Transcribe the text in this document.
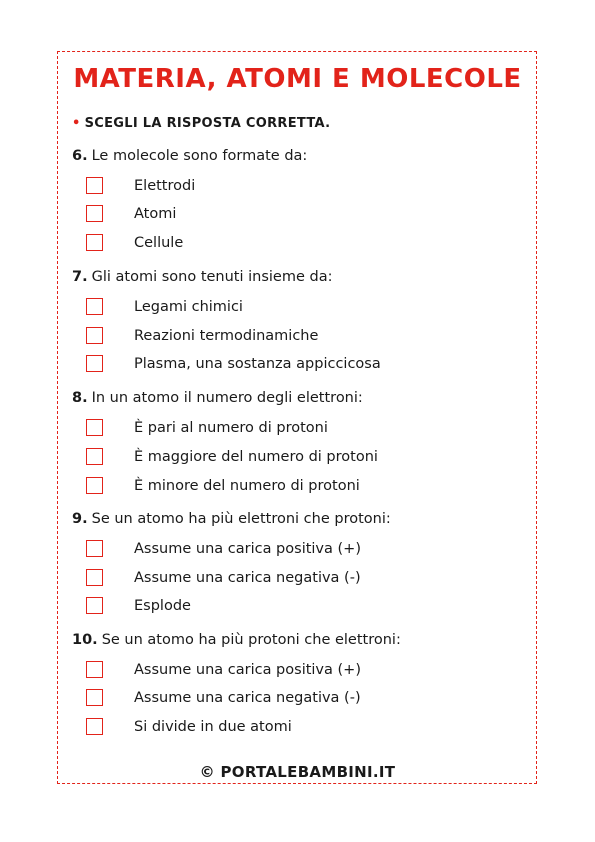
MATERIA, ATOMI E MOLECOLE
• SCEGLI LA RISPOSTA CORRETTA.
6. Le molecole sono formate da:
Elettrodi
Atomi
Cellule
7. Gli atomi sono tenuti insieme da:
Legami chimici
Reazioni termodinamiche
Plasma, una sostanza appiccicosa
8. In un atomo il numero degli elettroni:
È pari al numero di protoni
È maggiore del numero di protoni
È minore del numero di protoni
9. Se un atomo ha più elettroni che protoni:
Assume una carica positiva (+)
Assume una carica negativa (-)
Esplode
10. Se un atomo ha più protoni che elettroni:
Assume una carica positiva (+)
Assume una carica negativa (-)
Si divide in due atomi
© PORTALEBAMBINI.IT
